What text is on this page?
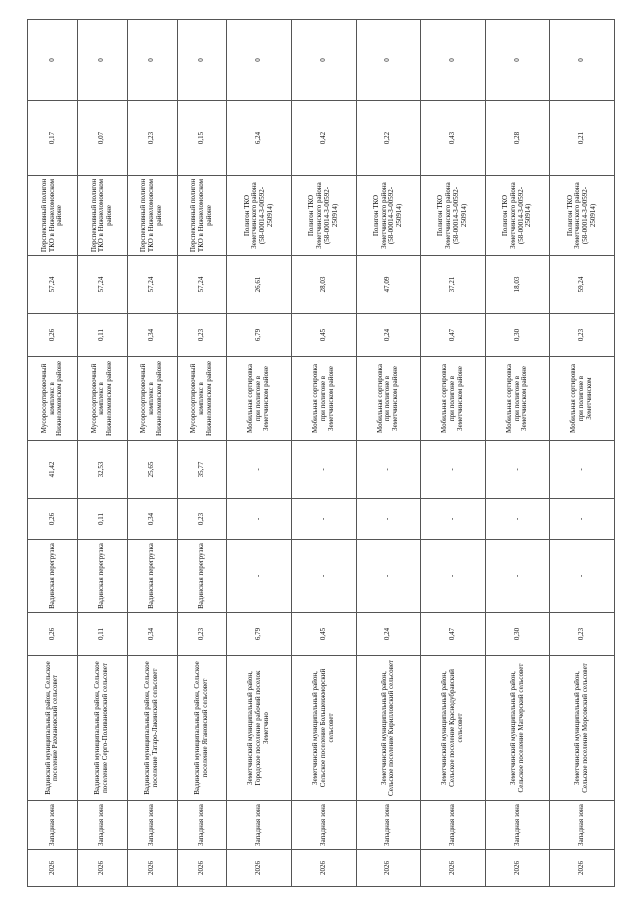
2026	Западная зона	Вадинский муниципальный район, Сельское поселение Рахмановский сельсовет	0,26	Вадинская перегрузка	0,26	41,42	Мусоросортировочный комплекс в Нижнеломовском районе	0,26	57,24	Перспективный полигон ТКО в Нижнеломовском районе	0,17	0
2026	Западная зона	Вадинский муниципальный район, Сельское поселение Серго-Поливановский сельсовет	0,11	Вадинская перегрузка	0,11	32,53	Мусоросортировочный комплекс в Нижнеломовском районе	0,11	57,24	Перспективный полигон ТКО в Нижнеломовском районе	0,07	0
2026	Западная зона	Вадинский муниципальный район, Сельское поселение Татаро-Лакинский сельсовет	0,34	Вадинская перегрузка	0,34	25,65	Мусоросортировочный комплекс в Нижнеломовском районе	0,34	57,24	Перспективный полигон ТКО в Нижнеломовском районе	0,23	0
2026	Западная зона	Вадинский муниципальный район, Сельское поселение Ягановский сельсовет	0,23	Вадинская перегрузка	0,23	35,77	Мусоросортировочный комплекс в Нижнеломовском районе	0,23	57,24	Перспективный полигон ТКО в Нижнеломовском районе	0,15	0
2026	Западная зона	Земетчинский муниципальный район, Городское поселение рабочий поселок Земетчино	6,79	-	-	-	Мобильная сортировка при полигоне в Земетчинском районе	6,79	26,61	Полигон ТКО Земетчинского района (58-00014-З-00592-250914)	6,24	0
2026	Западная зона	Земетчинский муниципальный район, Сельское поселение Большеижморский сельсовет	0,45	-	-	-	Мобильная сортировка при полигоне в Земетчинском районе	0,45	28,03	Полигон ТКО Земетчинского района (58-00014-З-00592-250914)	0,42	0
2026	Западная зона	Земетчинский муниципальный район, Сельское поселение Кирилловский сельсовет	0,24	-	-	-	Мобильная сортировка при полигоне в Земетчинском районе	0,24	47,09	Полигон ТКО Земетчинского района (58-00014-З-00592-250914)	0,22	0
2026	Западная зона	Земетчинский муниципальный район, Сельское поселение Краснодубравский сельсовет	0,47	-	-	-	Мобильная сортировка при полигоне в Земетчинском районе	0,47	37,21	Полигон ТКО Земетчинского района (58-00014-З-00592-250914)	0,43	0
2026	Западная зона	Земетчинский муниципальный район, Сельское поселение Матчерский сельсовет	0,30	-	-	-	Мобильная сортировка при полигоне в Земетчинском районе	0,30	18,03	Полигон ТКО Земетчинского района (58-00014-З-00592-250914)	0,28	0
2026	Западная зона	Земетчинский муниципальный район, Сельское поселение Морсовский сельсовет	0,23	-	-	-	Мобильная сортировка при полигоне в Земетчинском	0,23	59,24	Полигон ТКО Земетчинского района (58-00014-З-00592-250914)	0,21	0
